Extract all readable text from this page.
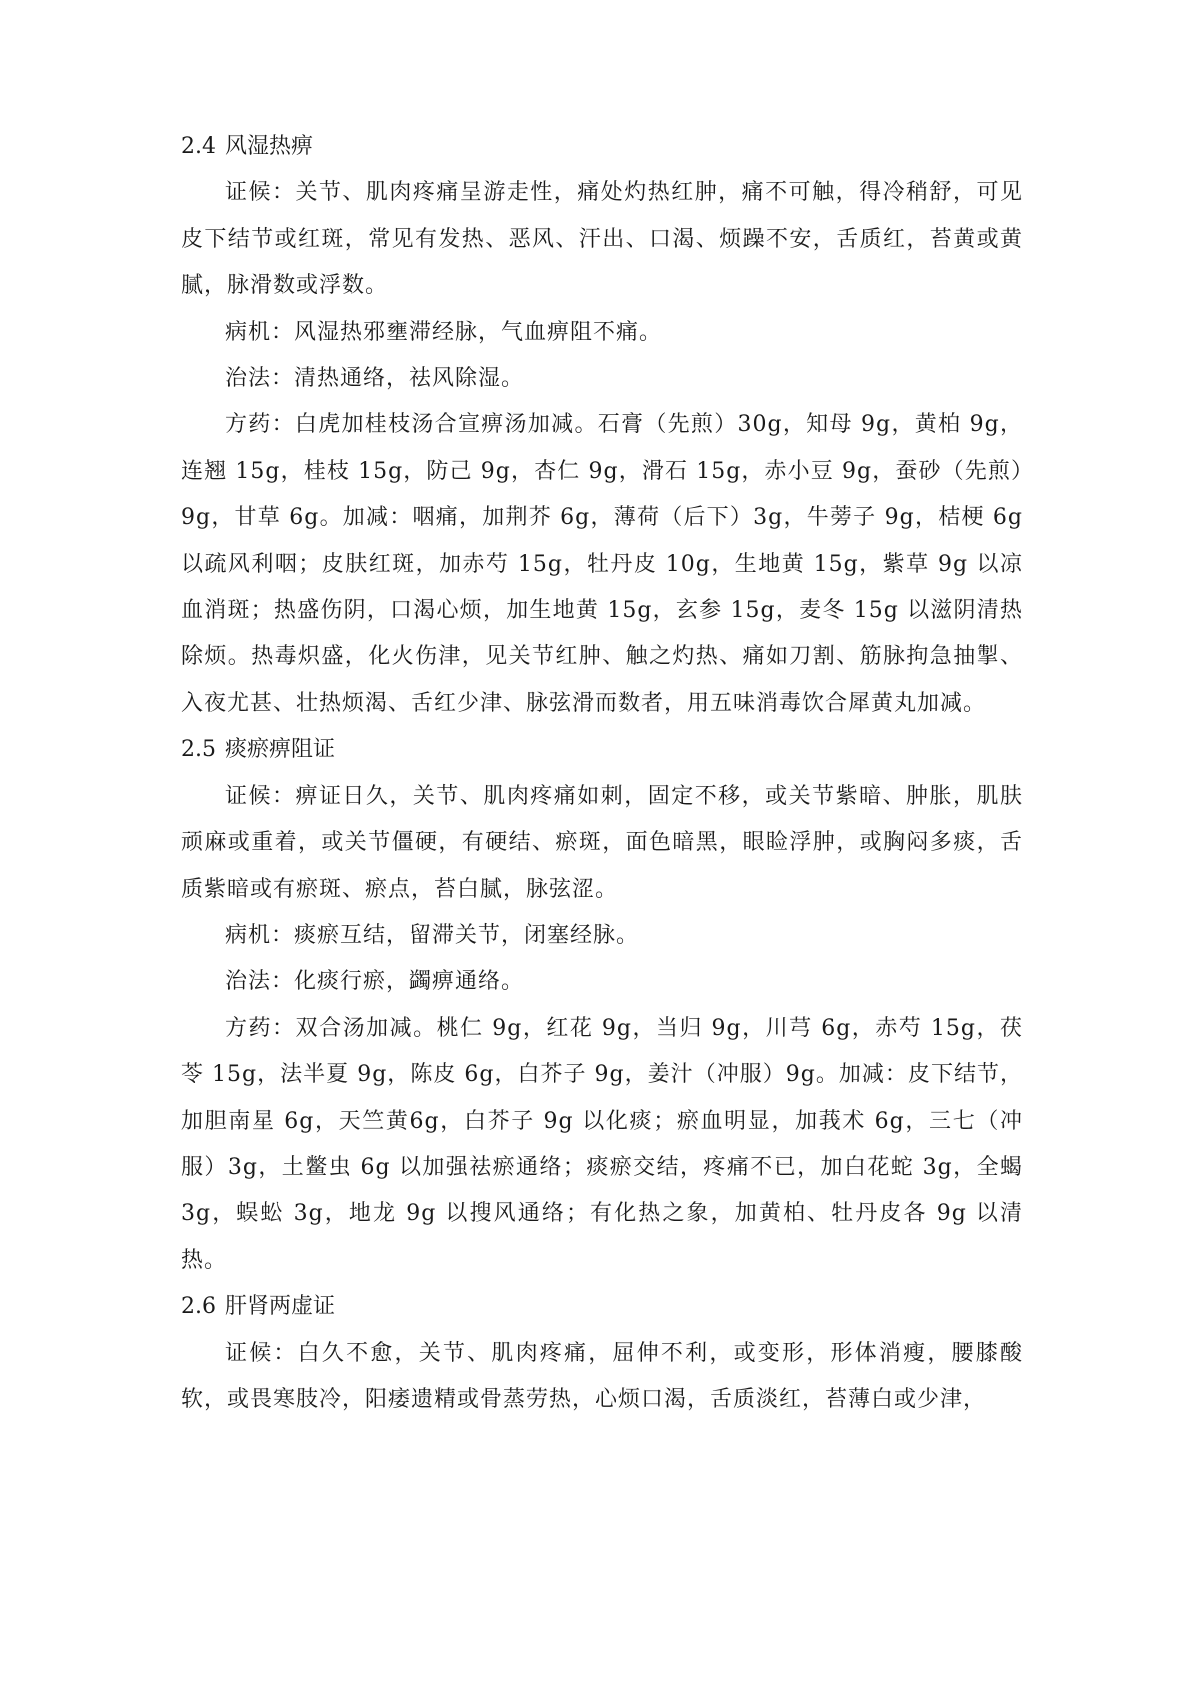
2.4 风湿热痹

证候：关节、肌肉疼痛呈游走性，痛处灼热红肿，痛不可触，得冷稍舒，可见皮下结节或红斑，常见有发热、恶风、汗出、口渴、烦躁不安，舌质红，苔黄或黄腻，脉滑数或浮数。

病机：风湿热邪壅滞经脉，气血痹阻不痛。

治法：清热通络，祛风除湿。

方药：白虎加桂枝汤合宣痹汤加减。石膏（先煎）30g，知母 9g，黄柏 9g，连翘 15g，桂枝 15g，防己 9g，杏仁 9g，滑石 15g，赤小豆 9g，蚕砂（先煎）9g，甘草 6g。加减：咽痛，加荆芥 6g，薄荷（后下）3g，牛蒡子 9g，桔梗 6g 以疏风利咽；皮肤红斑，加赤芍 15g，牡丹皮 10g，生地黄 15g，紫草 9g 以凉血消斑；热盛伤阴，口渴心烦，加生地黄 15g，玄参 15g，麦冬 15g 以滋阴清热除烦。热毒炽盛，化火伤津，见关节红肿、触之灼热、痛如刀割、筋脉拘急抽掣、入夜尤甚、壮热烦渴、舌红少津、脉弦滑而数者，用五味消毒饮合犀黄丸加减。

2.5 痰瘀痹阻证

证候：痹证日久，关节、肌肉疼痛如刺，固定不移，或关节紫暗、肿胀，肌肤顽麻或重着，或关节僵硬，有硬结、瘀斑，面色暗黑，眼睑浮肿，或胸闷多痰，舌质紫暗或有瘀斑、瘀点，苔白腻，脉弦涩。

病机：痰瘀互结，留滞关节，闭塞经脉。

治法：化痰行瘀，蠲痹通络。

方药：双合汤加减。桃仁 9g，红花 9g，当归 9g，川芎 6g，赤芍 15g，茯苓 15g，法半夏 9g，陈皮 6g，白芥子 9g，姜汁（冲服）9g。加减：皮下结节，加胆南星 6g，天竺黄6g，白芥子 9g 以化痰；瘀血明显，加莪术 6g，三七（冲服）3g，土鳖虫 6g 以加强祛瘀通络；痰瘀交结，疼痛不已，加白花蛇 3g，全蝎 3g，蜈蚣 3g，地龙 9g 以搜风通络；有化热之象，加黄柏、牡丹皮各 9g 以清热。

2.6 肝肾两虚证

证候：白久不愈，关节、肌肉疼痛，屈伸不利，或变形，形体消瘦，腰膝酸软，或畏寒肢冷，阳痿遗精或骨蒸劳热，心烦口渴，舌质淡红，苔薄白或少津，
